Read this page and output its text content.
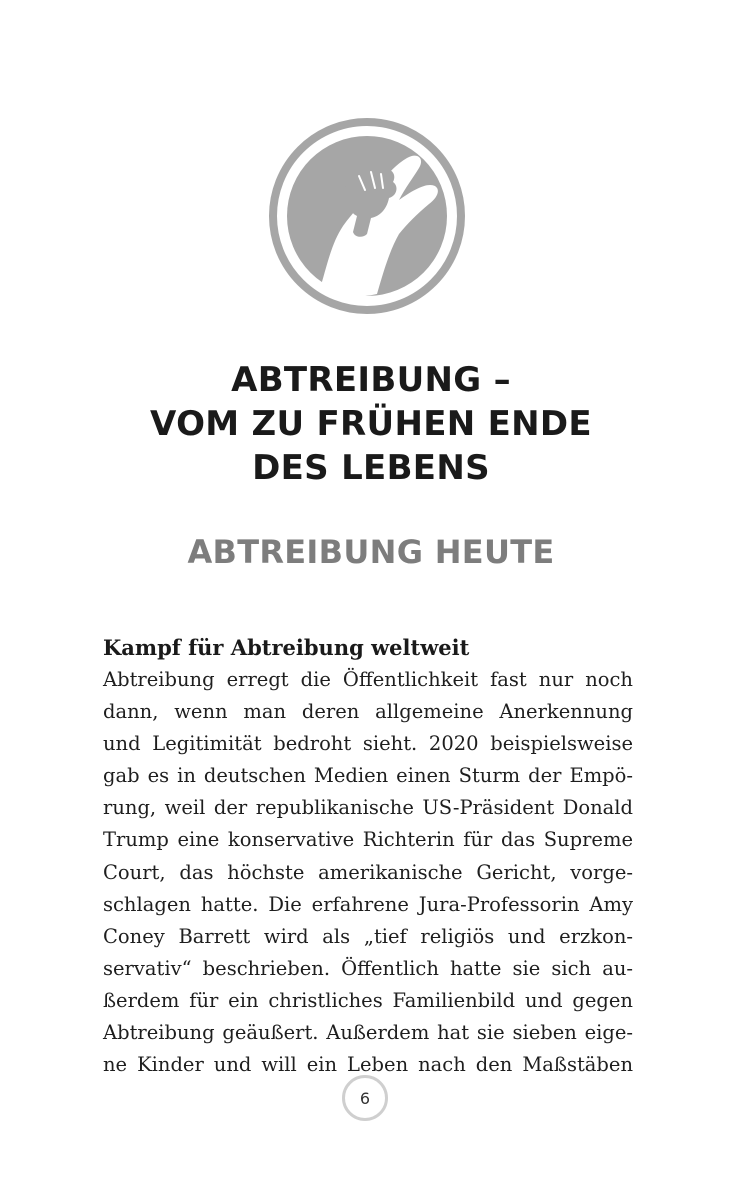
ABTREIBUNG –
VOM ZU FRÜHEN ENDE
DES LEBENS
ABTREIBUNG HEUTE
Kampf für Abtreibung weltweit
Abtreibung erregt die Öffentlichkeit fast nur noch
dann, wenn man deren allgemeine Anerkennung
und Legitimität bedroht sieht. 2020 beispielsweise
gab es in deutschen Medien einen Sturm der Empö-
rung, weil der republikanische US-Präsident Donald
Trump eine konservative Richterin für das Supreme
Court, das höchste amerikanische Gericht, vorge-
schlagen hatte. Die erfahrene Jura-Professorin Amy
Coney Barrett wird als „tief religiös und erzkon-
servativ“ beschrieben. Öffentlich hatte sie sich au-
ßerdem für ein christliches Familienbild und gegen
Abtreibung geäußert. Außerdem hat sie sieben eige-
ne Kinder und will ein Leben nach den Maßstäben
6
